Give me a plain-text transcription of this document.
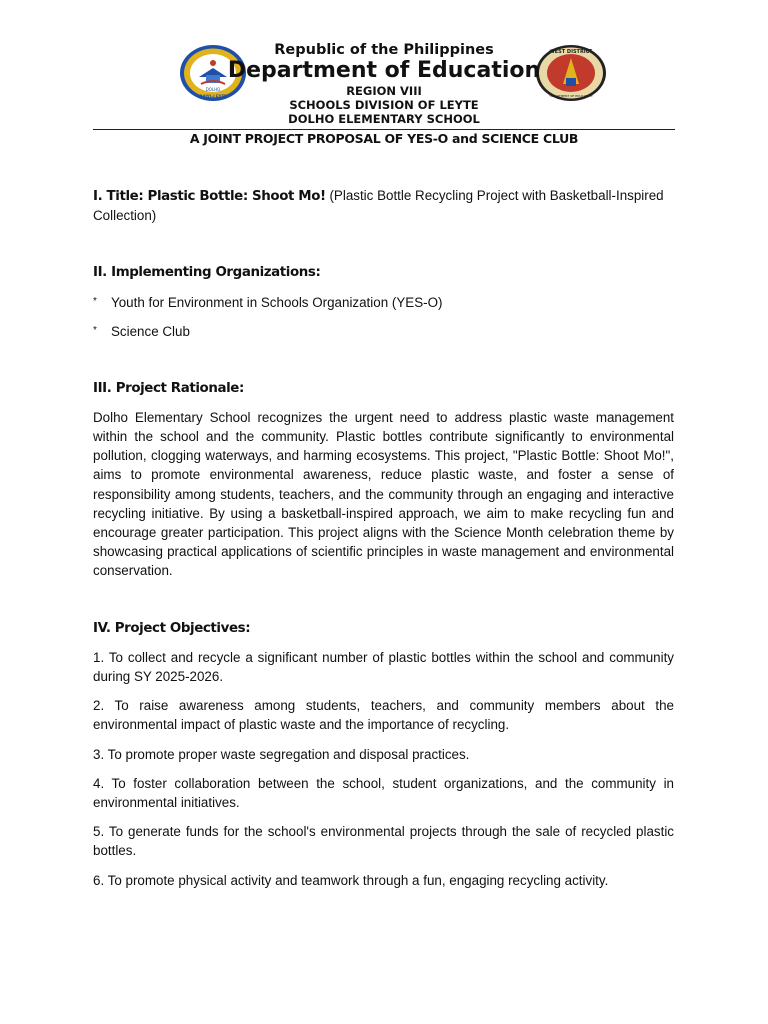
DOLHO
DAYO-LEYTE
WEST DISTRICT
DEPARTMENT OF EDUCATION
Republic of the Philippines
Department of Education
REGION VIII
SCHOOLS DIVISION OF LEYTE
DOLHO ELEMENTARY SCHOOL
A JOINT PROJECT PROPOSAL OF YES-O and SCIENCE CLUB

I. Title: Plastic Bottle: Shoot Mo! (Plastic Bottle Recycling Project with Basketball-Inspired Collection)

II. Implementing Organizations:
* Youth for Environment in Schools Organization (YES-O)
* Science Club
III. Project Rationale:

Dolho Elementary School recognizes the urgent need to address plastic waste management within the school and the community. Plastic bottles contribute significantly to environmental pollution, clogging waterways, and harming ecosystems. This project, "Plastic Bottle: Shoot Mo!", aims to promote environmental awareness, reduce plastic waste, and foster a sense of responsibility among students, teachers, and the community through an engaging and interactive recycling initiative. By using a basketball-inspired approach, we aim to make recycling fun and encourage greater participation. This project aligns with the Science Month celebration theme by showcasing practical applications of scientific principles in waste management and environmental conservation.

IV. Project Objectives:

1. To collect and recycle a significant number of plastic bottles within the school and community during SY 2025-2026.

2. To raise awareness among students, teachers, and community members about the environmental impact of plastic waste and the importance of recycling.

3. To promote proper waste segregation and disposal practices.

4. To foster collaboration between the school, student organizations, and the community in environmental initiatives.

5. To generate funds for the school's environmental projects through the sale of recycled plastic bottles.

6. To promote physical activity and teamwork through a fun, engaging recycling activity.
